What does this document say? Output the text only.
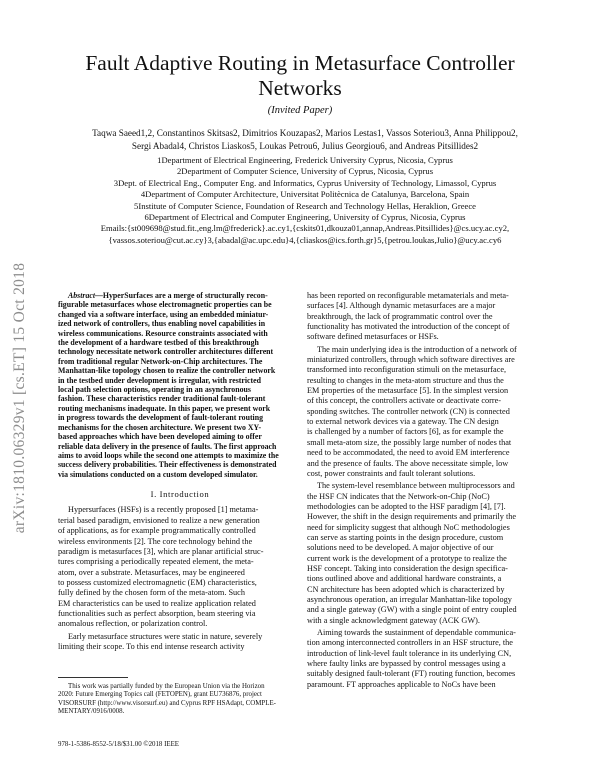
arXiv:1810.06329v1 [cs.ET] 15 Oct 2018
Fault Adaptive Routing in Metasurface Controller
Networks
(Invited Paper)
Taqwa Saeed1,2, Constantinos Skitsas2, Dimitrios Kouzapas2, Marios Lestas1, Vassos Soteriou3, Anna Philippou2,
Sergi Abadal4, Christos Liaskos5, Loukas Petrou6, Julius Georgiou6, and Andreas Pitsillides2
1Department of Electrical Engineering, Frederick University Cyprus, Nicosia, Cyprus
2Department of Computer Science, University of Cyprus, Nicosia, Cyprus
3Dept. of Electrical Eng., Computer Eng. and Informatics, Cyprus University of Technology, Limassol, Cyprus
4Department of Computer Architecture, Universitat Politècnica de Catalunya, Barcelona, Spain
5Institute of Computer Science, Foundation of Research and Technology Hellas, Heraklion, Greece
6Department of Electrical and Computer Engineering, University of Cyprus, Nicosia, Cyprus
Emails:{st009698@stud.fit.,eng.lm@frederick}.ac.cy1,{cskits01,dkouza01,annap,Andreas.Pitsillides}@cs.ucy.ac.cy2,
{vassos.soteriou@cut.ac.cy}3,{abadal@ac.upc.edu}4,{cliaskos@ics.forth.gr}5,{petrou.loukas,Julio}@ucy.ac.cy6
Abstract—HyperSurfaces are a merge of structurally recon-
figurable metasurfaces whose electromagnetic properties can be
changed via a software interface, using an embedded miniatur-
ized network of controllers, thus enabling novel capabilities in
wireless communications. Resource constraints associated with
the development of a hardware testbed of this breakthrough
technology necessitate network controller architectures different
from traditional regular Network-on-Chip architectures. The
Manhattan-like topology chosen to realize the controller network
in the testbed under development is irregular, with restricted
local path selection options, operating in an asynchronous
fashion. These characteristics render traditional fault-tolerant
routing mechanisms inadequate. In this paper, we present work
in progress towards the development of fault-tolerant routing
mechanisms for the chosen architecture. We present two XY-
based approaches which have been developed aiming to offer
reliable data delivery in the presence of faults. The first approach
aims to avoid loops while the second one attempts to maximize the
success delivery probabilities. Their effectiveness is demonstrated
via simulations conducted on a custom developed simulator.
I. Introduction
Hypersurfaces (HSFs) is a recently proposed [1] metama-
terial based paradigm, envisioned to realize a new generation
of applications, as for example programmatically controlled
wireless environments [2]. The core technology behind the
paradigm is metasurfaces [3], which are planar artificial struc-
tures comprising a periodically repeated element, the meta-
atom, over a substrate. Metasurfaces, may be engineered
to possess customized electromagnetic (EM) characteristics,
fully defined by the chosen form of the meta-atom. Such
EM characteristics can be used to realize application related
functionalities such as perfect absorption, beam steering via
anomalous reflection, or polarization control.
Early metasurface structures were static in nature, severely
limiting their scope. To this end intense research activity
This work was partially funded by the European Union via the Horizon
2020: Future Emerging Topics call (FETOPEN), grant EU736876, project
VISORSURF (http://www.visorsurf.eu) and Cyprus RPF HSAdapt, COMPLE-
MENTARY/0916/0008.
978-1-5386-8552-5/18/$31.00 ©2018 IEEE
has been reported on reconfigurable metamaterials and meta-
surfaces [4]. Although dynamic metasurfaces are a major
breakthrough, the lack of programmatic control over the
functionality has motivated the introduction of the concept of
software defined metasurfaces or HSFs.
The main underlying idea is the introduction of a network of
miniaturized controllers, through which software directives are
transformed into reconfiguration stimuli on the metasurface,
resulting to changes in the meta-atom structure and thus the
EM properties of the metasurface [5]. In the simplest version
of this concept, the controllers activate or deactivate corre-
sponding switches. The controller network (CN) is connected
to external network devices via a gateway. The CN design
is challenged by a number of factors [6], as for example the
small meta-atom size, the possibly large number of nodes that
need to be accommodated, the need to avoid EM interference
and the presence of faults. The above necessitate simple, low
cost, power constraints and fault tolerant solutions.
The system-level resemblance between multiprocessors and
the HSF CN indicates that the Network-on-Chip (NoC)
methodologies can be adopted to the HSF paradigm [4], [7].
However, the shift in the design requirements and primarily the
need for simplicity suggest that although NoC methodologies
can serve as starting points in the design procedure, custom
solutions need to be developed. A major objective of our
current work is the development of a prototype to realize the
HSF concept. Taking into consideration the design specifica-
tions outlined above and additional hardware constraints, a
CN architecture has been adopted which is characterized by
asynchronous operation, an irregular Manhattan-like topology
and a single gateway (GW) with a single point of entry coupled
with a single acknowledgment gateway (ACK GW).
Aiming towards the sustainment of dependable communica-
tion among interconnected controllers in an HSF structure, the
introduction of link-level fault tolerance in its underlying CN,
where faulty links are bypassed by control messages using a
suitably designed fault-tolerant (FT) routing function, becomes
paramount. FT approaches applicable to NoCs have been
